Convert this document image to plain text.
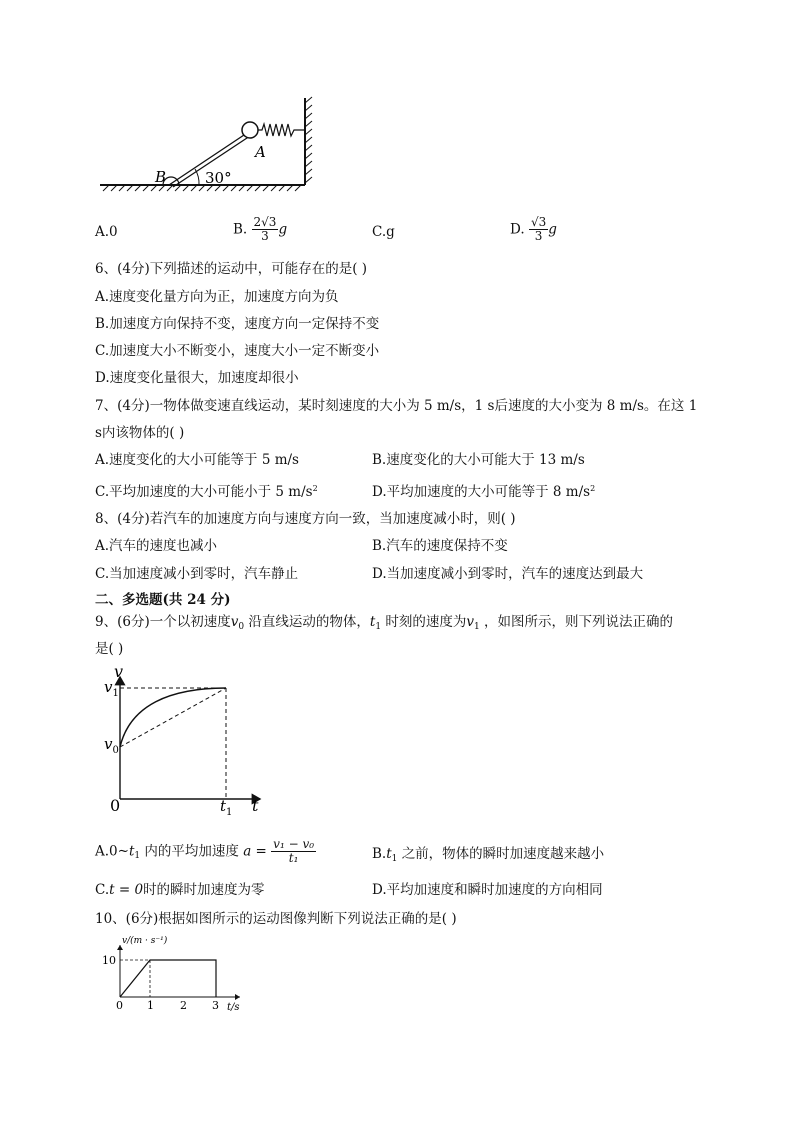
B
A
30°
A.0	B. $\frac{2√3}{3}$ g	C.g	D. $\frac{√3}{3}$ g
6、(4分)下列描述的运动中，可能存在的是( )
A.速度变化量方向为正，加速度方向为负
B.加速度方向保持不变，速度方向一定保持不变
C.加速度大小不断变小，速度大小一定不断变小
D.速度变化量很大，加速度却很小
7、(4分)一物体做变速直线运动，某时刻速度的大小为 5 m/s，1 s后速度的大小变为 8 m/s。在这 1
s内该物体的( )
A.速度变化的大小可能等于 5 m/s	B.速度变化的大小可能大于 13 m/s
C.平均加速度的大小可能小于 5 $m/s^2$	D.平均加速度的大小可能等于 8 $m/s^2$
8、(4分)若汽车的加速度方向与速度方向一致，当加速度减小时，则( )
A.汽车的速度也减小	B.汽车的速度保持不变
C.当加速度减小到零时，汽车静止	D.当加速度减小到零时，汽车的速度达到最大
二、多选题(共 24 分)
9、(6分)一个以初速度$v_0$ 沿直线运动的物体，$t_1$ 时刻的速度为$v_1$ ，如图所示，则下列说法正确的
是( )
v
t
0
$v_1$
$v_0$
$t_1$
$A.0\sim t_1$ 内的平均加速度 $a = \frac{\text{v₁ − v₀}}{\text{t₁}}$	$B.t_1$ 之前，物体的瞬时加速度越来越小
C.t = 0时的瞬时加速度为零	D.平均加速度和瞬时加速度的方向相同
10、(6分)根据如图所示的运动图像判断下列说法正确的是( )
v/(m · s⁻¹)
t/s
10
0 1 2 3
